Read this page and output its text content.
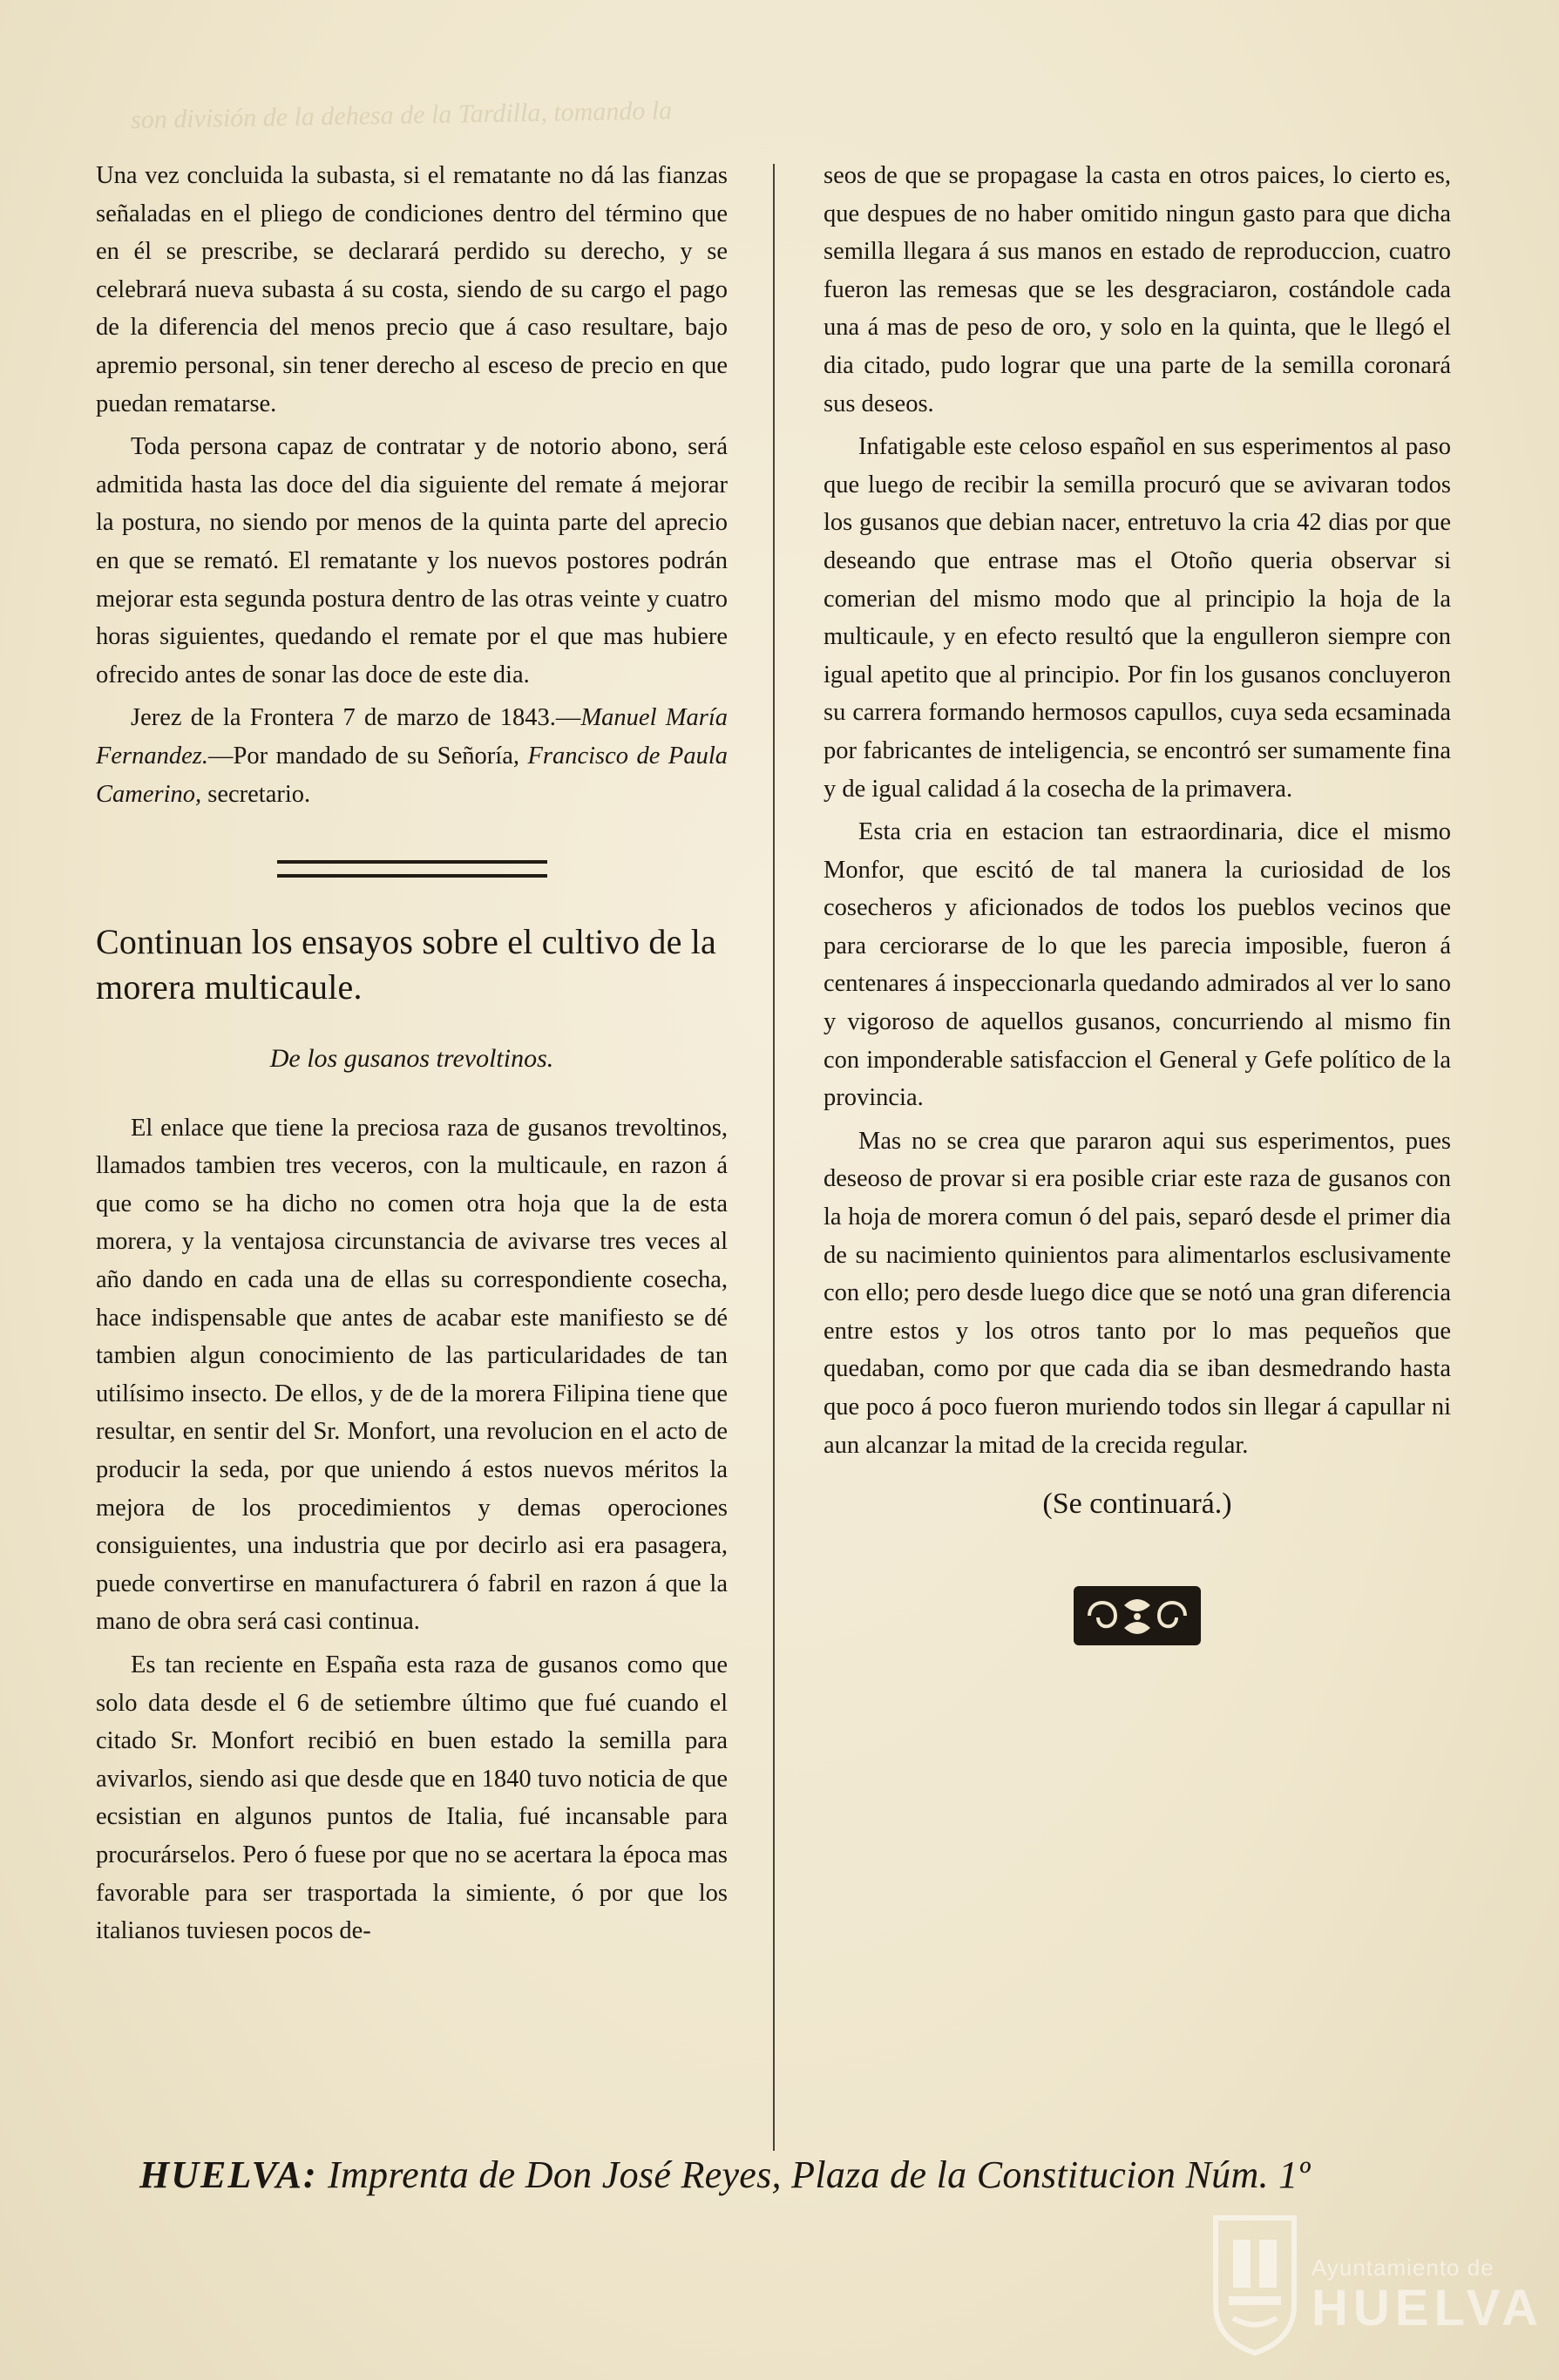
son división de la dehesa de la Tardilla, tomando la

Una vez concluida la subasta, si el rematante no dá las fianzas señaladas en el pliego de condiciones dentro del término que en él se prescribe, se declarará perdido su derecho, y se celebrará nueva subasta á su costa, siendo de su cargo el pago de la diferencia del menos precio que á caso resultare, bajo apremio personal, sin tener derecho al esceso de precio en que puedan rematarse.

Toda persona capaz de contratar y de notorio abono, será admitida hasta las doce del dia siguiente del remate á mejorar la postura, no siendo por menos de la quinta parte del aprecio en que se remató. El rematante y los nuevos postores podrán mejorar esta segunda postura dentro de las otras veinte y cuatro horas siguientes, quedando el remate por el que mas hubiere ofrecido antes de sonar las doce de este dia.

Jerez de la Frontera 7 de marzo de 1843.—Manuel María Fernandez.—Por mandado de su Señoría, Francisco de Paula Camerino, secretario.

Continuan los ensayos sobre el cultivo de la morera multicaule.
De los gusanos trevoltinos.

El enlace que tiene la preciosa raza de gusanos trevoltinos, llamados tambien tres veceros, con la multicaule, en razon á que como se ha dicho no comen otra hoja que la de esta morera, y la ventajosa circunstancia de avivarse tres veces al año dando en cada una de ellas su correspondiente cosecha, hace indispensable que antes de acabar este manifiesto se dé tambien algun conocimiento de las particularidades de tan utilísimo insecto. De ellos, y de de la morera Filipina tiene que resultar, en sentir del Sr. Monfort, una revolucion en el acto de producir la seda, por que uniendo á estos nuevos méritos la mejora de los procedimientos y demas operociones consiguientes, una industria que por decirlo asi era pasagera, puede convertirse en manufacturera ó fabril en razon á que la mano de obra será casi continua.

Es tan reciente en España esta raza de gusanos como que solo data desde el 6 de setiembre último que fué cuando el citado Sr. Monfort recibió en buen estado la semilla para avivarlos, siendo asi que desde que en 1840 tuvo noticia de que ecsistian en algunos puntos de Italia, fué incansable para procurárselos. Pero ó fuese por que no se acertara la época mas favorable para ser trasportada la simiente, ó por que los italianos tuviesen pocos de-

seos de que se propagase la casta en otros paices, lo cierto es, que despues de no haber omitido ningun gasto para que dicha semilla llegara á sus manos en estado de reproduccion, cuatro fueron las remesas que se les desgraciaron, costándole cada una á mas de peso de oro, y solo en la quinta, que le llegó el dia citado, pudo lograr que una parte de la semilla coronará sus deseos.

Infatigable este celoso español en sus esperimentos al paso que luego de recibir la semilla procuró que se avivaran todos los gusanos que debian nacer, entretuvo la cria 42 dias por que deseando que entrase mas el Otoño queria observar si comerian del mismo modo que al principio la hoja de la multicaule, y en efecto resultó que la engulleron siempre con igual apetito que al principio. Por fin los gusanos concluyeron su carrera formando hermosos capullos, cuya seda ecsaminada por fabricantes de inteligencia, se encontró ser sumamente fina y de igual calidad á la cosecha de la primavera.

Esta cria en estacion tan estraordinaria, dice el mismo Monfor, que escitó de tal manera la curiosidad de los cosecheros y aficionados de todos los pueblos vecinos que para cerciorarse de lo que les parecia imposible, fueron á centenares á inspeccionarla quedando admirados al ver lo sano y vigoroso de aquellos gusanos, concurriendo al mismo fin con imponderable satisfaccion el General y Gefe político de la provincia.

Mas no se crea que pararon aqui sus esperimentos, pues deseoso de provar si era posible criar este raza de gusanos con la hoja de morera comun ó del pais, separó desde el primer dia de su nacimiento quinientos para alimentarlos esclusivamente con ello; pero desde luego dice que se notó una gran diferencia entre estos y los otros tanto por lo mas pequeños que quedaban, como por que cada dia se iban desmedrando hasta que poco á poco fueron muriendo todos sin llegar á capullar ni aun alcanzar la mitad de la crecida regular.

(Se continuará.)
HUELVA: Imprenta de Don José Reyes, Plaza de la Constitucion Núm. 1º
Ayuntamiento de
HUELVA
